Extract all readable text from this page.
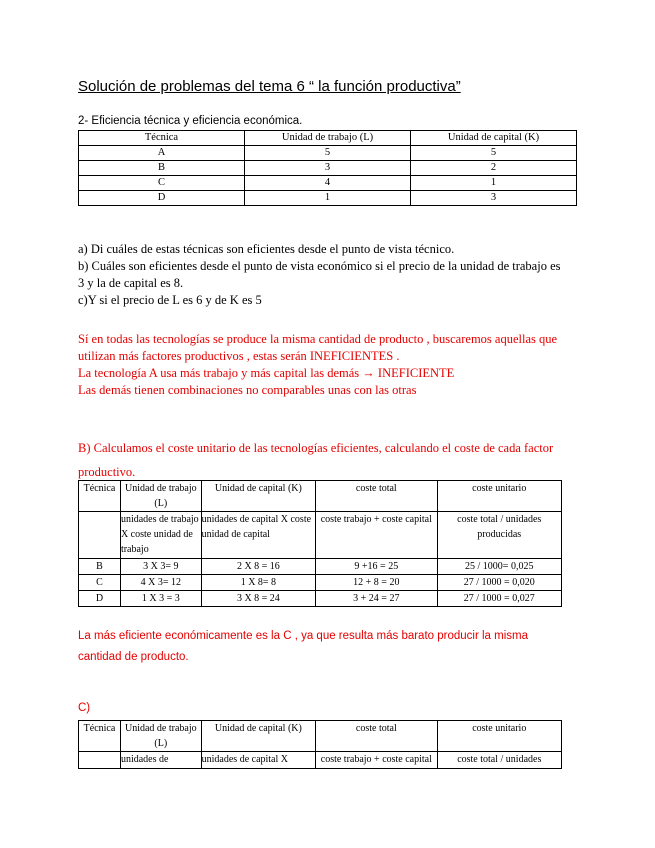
Solución de problemas del tema 6 “ la función productiva”
2- Eficiencia técnica y eficiencia económica.
Técnica	Unidad de trabajo (L)	Unidad de capital (K)
A	5	5
B	3	2
C	4	1
D	1	3
a) Di cuáles de estas técnicas son eficientes desde el punto de vista técnico.
b) Cuáles son eficientes desde el punto de vista económico si el precio de la unidad de trabajo es
3 y la de capital es 8.
c)Y si el precio de L es 6 y de K es 5
Sí en todas las tecnologías se produce la misma cantidad de producto , buscaremos aquellas que
utilizan más factores productivos , estas serán INEFICIENTES .
La tecnología A usa más trabajo y más capital las demás → INEFICIENTE
Las demás tienen combinaciones no comparables unas con las otras
B) Calculamos el coste unitario de las tecnologías eficientes, calculando el coste de cada factor
productivo.
Técnica	Unidad de trabajo (L)	Unidad de capital (K)	coste total	coste unitario
	unidades de trabajo X coste unidad de trabajo	unidades de capital X coste unidad de capital	coste trabajo + coste capital	coste total / unidades producidas
B	3 X 3= 9	2 X 8 = 16	9 +16 = 25	25 / 1000= 0,025
C	4 X 3= 12	1 X 8= 8	12 + 8 = 20	27 / 1000 = 0,020
D	1 X 3 = 3	3 X 8 = 24	3 + 24 = 27	27 / 1000 = 0,027
La más eficiente económicamente es la C , ya que resulta más barato producir la misma
cantidad de producto.
C)
Técnica	Unidad de trabajo (L)	Unidad de capital (K)	coste total	coste unitario
	unidades de	unidades de capital X	coste trabajo + coste capital	coste total / unidades
